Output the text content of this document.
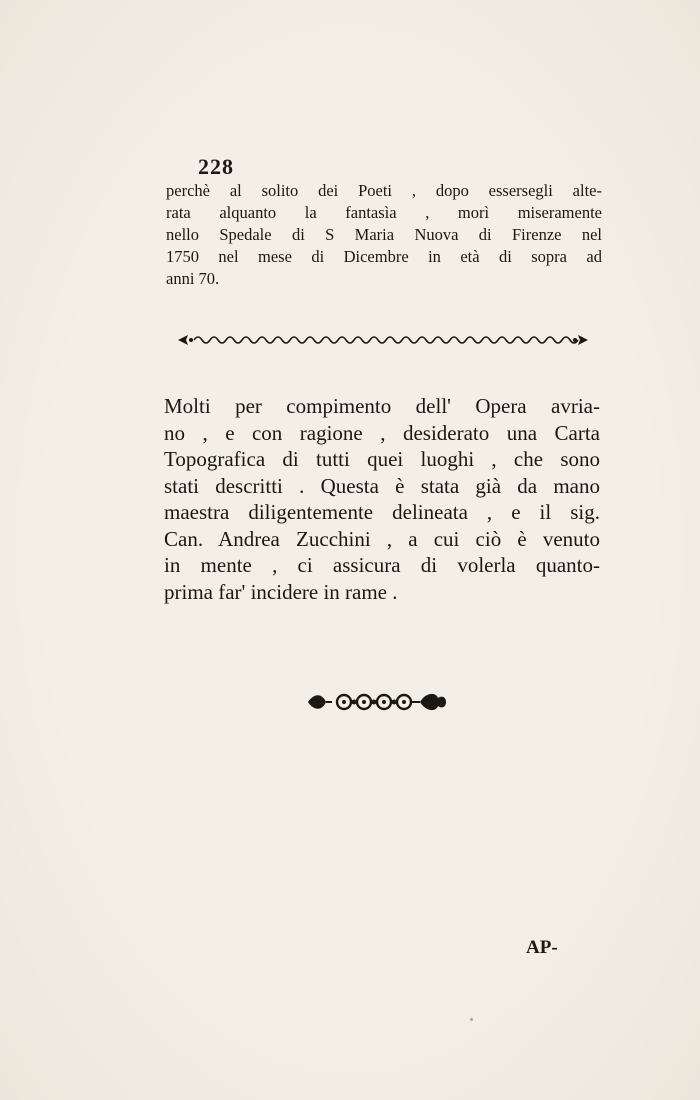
228
perchè al solito dei Poeti , dopo essersegli alte-
rata alquanto la fantasìa , morì miseramente
nello Spedale di S Maria Nuova di Firenze nel
1750 nel mese di Dicembre in età di sopra ad
anni 70.
Molti per compimento dell' Opera avria-
no , e con ragione , desiderato una Carta
Topografica di tutti quei luoghi , che sono
stati descritti . Questa è stata già da mano
maestra diligentemente delineata , e il sig.
Can. Andrea Zucchini , a cui ciò è venuto
in mente , ci assicura di volerla quanto-
prima far' incidere in rame .
AP-
